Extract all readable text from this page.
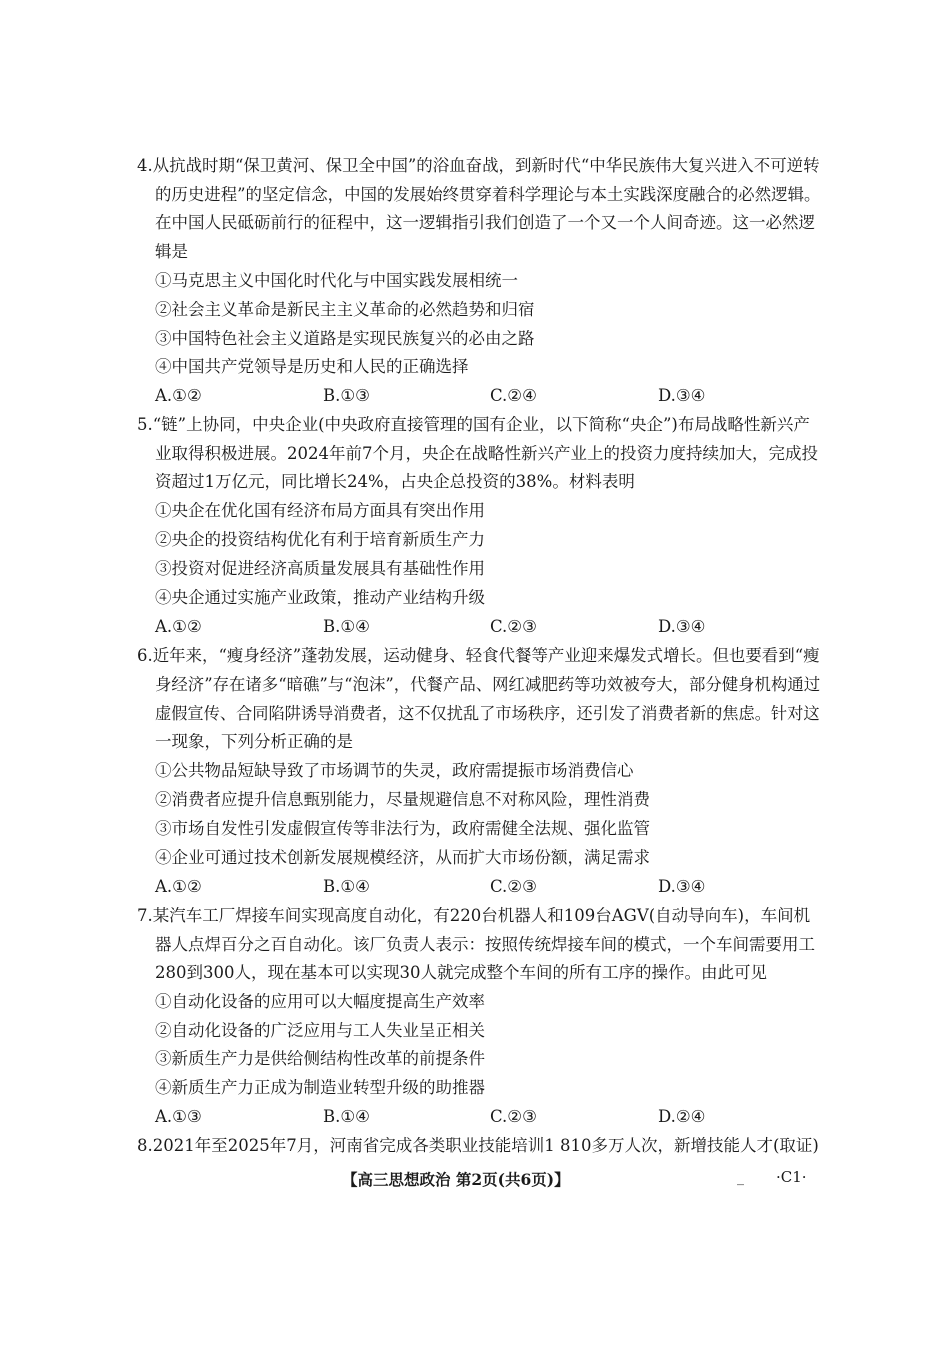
4.从抗战时期“保卫黄河、保卫全中国”的浴血奋战，到新时代“中华民族伟大复兴进入不可逆转
的历史进程”的坚定信念，中国的发展始终贯穿着科学理论与本土实践深度融合的必然逻辑。
在中国人民砥砺前行的征程中，这一逻辑指引我们创造了一个又一个人间奇迹。这一必然逻
辑是
①马克思主义中国化时代化与中国实践发展相统一
②社会主义革命是新民主主义革命的必然趋势和归宿
③中国特色社会主义道路是实现民族复兴的必由之路
④中国共产党领导是历史和人民的正确选择
A.①②	B.①③	C.②④	D.③④
5.“链”上协同，中央企业(中央政府直接管理的国有企业，以下简称“央企”)布局战略性新兴产
业取得积极进展。2024年前7个月，央企在战略性新兴产业上的投资力度持续加大，完成投
资超过1万亿元，同比增长24%，占央企总投资的38%。材料表明
①央企在优化国有经济布局方面具有突出作用
②央企的投资结构优化有利于培育新质生产力
③投资对促进经济高质量发展具有基础性作用
④央企通过实施产业政策，推动产业结构升级
A.①②	B.①④	C.②③	D.③④
6.近年来，“瘦身经济”蓬勃发展，运动健身、轻食代餐等产业迎来爆发式增长。但也要看到“瘦
身经济”存在诸多“暗礁”与“泡沫”，代餐产品、网红减肥药等功效被夸大，部分健身机构通过
虚假宣传、合同陷阱诱导消费者，这不仅扰乱了市场秩序，还引发了消费者新的焦虑。针对这
一现象，下列分析正确的是
①公共物品短缺导致了市场调节的失灵，政府需提振市场消费信心
②消费者应提升信息甄别能力，尽量规避信息不对称风险，理性消费
③市场自发性引发虚假宣传等非法行为，政府需健全法规、强化监管
④企业可通过技术创新发展规模经济，从而扩大市场份额，满足需求
A.①②	B.①④	C.②③	D.③④
7.某汽车工厂焊接车间实现高度自动化，有220台机器人和109台AGV(自动导向车)，车间机
器人点焊百分之百自动化。该厂负责人表示：按照传统焊接车间的模式，一个车间需要用工
280到300人，现在基本可以实现30人就完成整个车间的所有工序的操作。由此可见
①自动化设备的应用可以大幅度提高生产效率
②自动化设备的广泛应用与工人失业呈正相关
③新质生产力是供给侧结构性改革的前提条件
④新质生产力正成为制造业转型升级的助推器
A.①③	B.①④	C.②③	D.②④
8.2021年至2025年7月，河南省完成各类职业技能培训1 810多万人次，新增技能人才(取证)
【高三思想政治 第2页(共6页)】	_ ·C1·
